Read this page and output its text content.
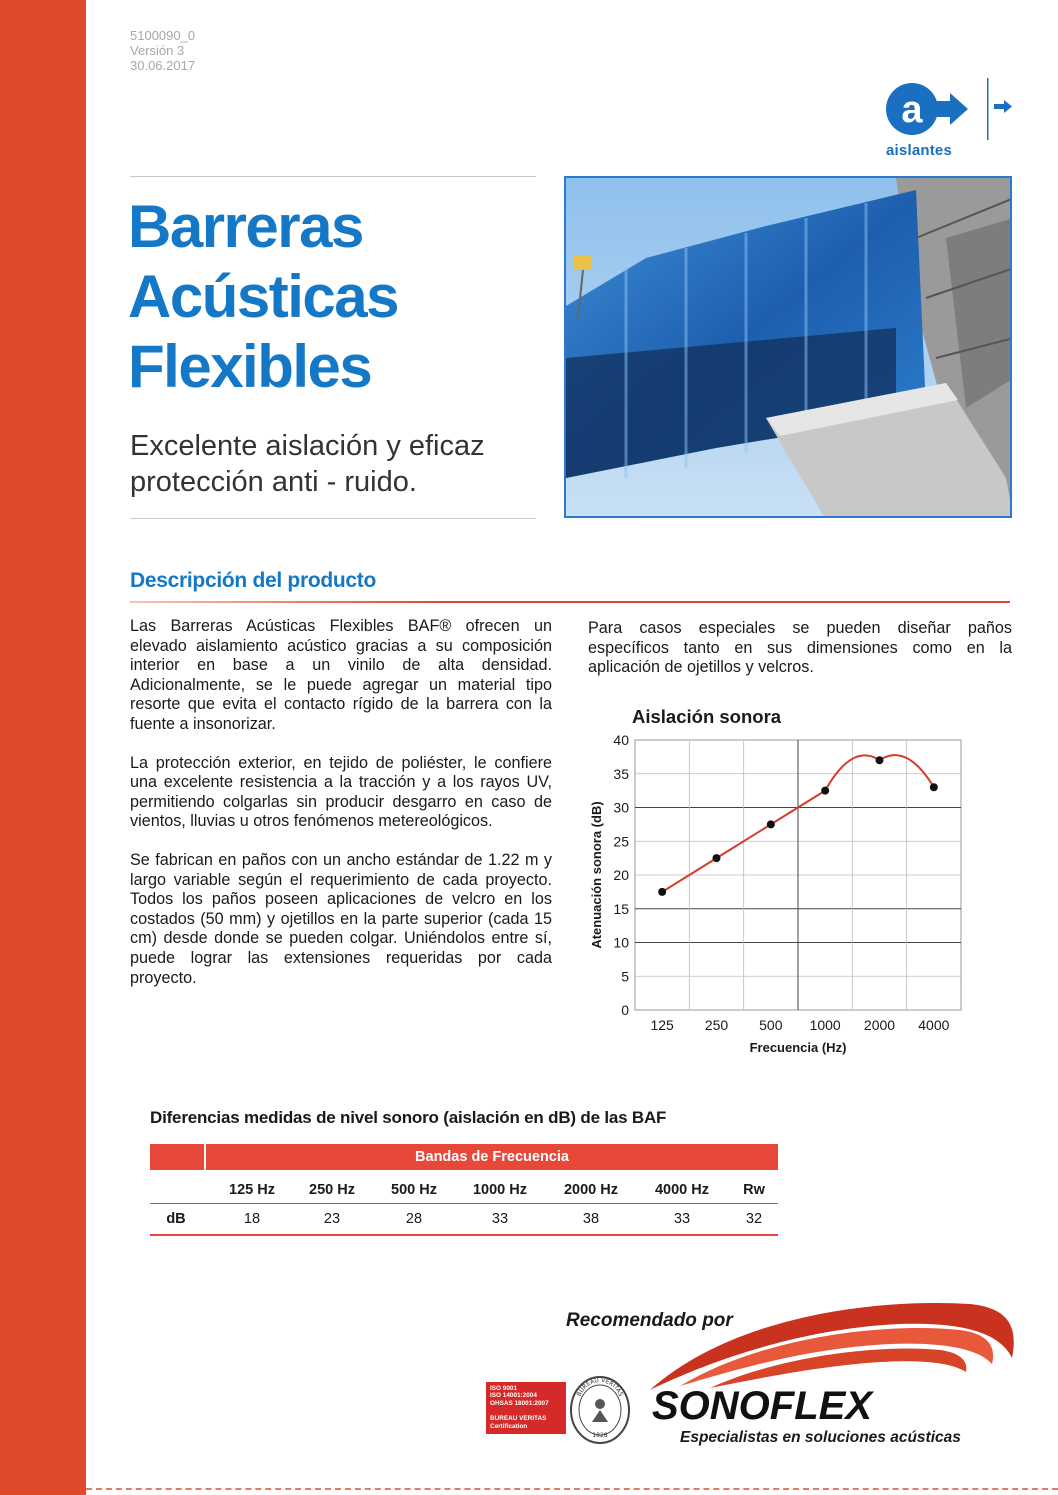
5100090_0
Versión 3
30.06.2017
a
aislantes
Barreras
Acústicas
Flexibles
Excelente aislación y eficaz
protección anti - ruido.
Descripción del producto

Las Barreras Acústicas Flexibles BAF® ofrecen un elevado aislamiento acústico gracias a su composición interior en base a un vinilo de alta densidad. Adicionalmente, se le puede agregar un material tipo resorte que evita el contacto rígido de la barrera con la fuente a insonorizar.

La protección exterior, en tejido de poliéster, le confiere una excelente resistencia a la tracción y a los rayos UV, permitiendo colgarlas sin producir desgarro en caso de vientos, lluvias u otros fenómenos metereológicos.

Se fabrican en paños con un ancho estándar de 1.22 m y largo variable según el requerimiento de cada proyecto. Todos los paños poseen aplicaciones de velcro en los costados (50 mm) y ojetillos en la parte superior (cada 15 cm) desde donde se pueden colgar. Uniéndolos entre sí, puede lograr las extensiones requeridas por cada proyecto.

Para casos especiales se pueden diseñar paños específicos tanto en sus dimensiones como en la aplicación de ojetillos y velcros.

Aislación sonora
0
5
10
15
20
25
30
35
40
125 250 500 1000 2000 4000
Frecuencia (Hz)
Atenuación sonora (dB)
Diferencias medidas de nivel sonoro (aislación en dB) de las BAF
Bandas de Frecuencia
125 Hz 250 Hz 500 Hz 1000 Hz	2000 Hz	4000 Hz Rw
dB	18	23	28	33	38	33	32
Recomendado por
SONOFLEX
Especialistas en soluciones acústicas
ISO 9001
ISO 14001:2004
OHSAS 18001:2007
BUREAU VERITAS
Certification
BUREAU VERITAS
1828
